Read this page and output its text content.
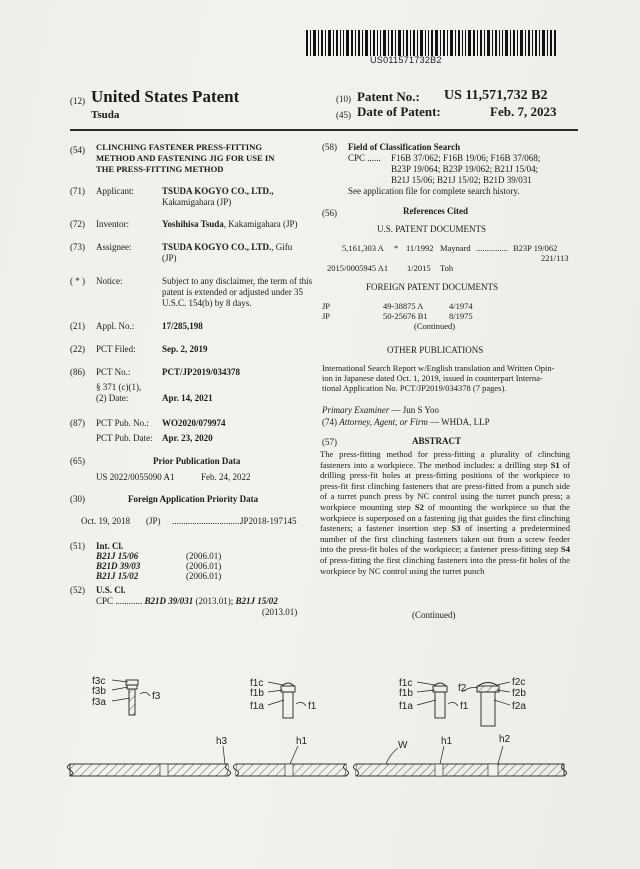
US011571732B2
(12) United States Patent
Tsuda
(10) Patent No.: US 11,571,732 B2
(45) Date of Patent:	Feb. 7, 2023
(54) CLINCHING FASTENER PRESS-FITTING
METHOD AND FASTENING JIG FOR USE IN
THE PRESS-FITTING METHOD
(71) Applicant:	TSUDA KOGYO CO., LTD.,
Kakamigahara (JP)
(72) Inventor:	Yoshihisa Tsuda, Kakamigahara (JP)
(73) Assignee:	TSUDA KOGYO CO., LTD., Gifu
(JP)
( * ) Notice:	Subject to any disclaimer, the term of this
patent is extended or adjusted under 35
U.S.C. 154(b) by 8 days.
(21) Appl. No.:	17/285,198
(22) PCT Filed:	Sep. 2, 2019
(86) PCT No.:	PCT/JP2019/034378
§ 371 (c)(1),
(2) Date:	Apr. 14, 2021
(87) PCT Pub. No.: WO2020/079974
PCT Pub. Date: Apr. 23, 2020
(65)	Prior Publication Data
US 2022/0055090 A1	Feb. 24, 2022
(30)	Foreign Application Priority Data
Oct. 19, 2018 (JP) ...............................
JP2018-197145
(51) Int. Cl.
B21J 15/06	(2006.01)
B21D 39/03	(2006.01)
B21J 15/02	(2006.01)
(52) U.S. Cl.
CPC ............ B21D 39/031 (2013.01); B21J 15/02
(2013.01)
(58) Field of Classification Search
CPC ...... F16B 37/062; F16B 19/06; F16B 37/068;
B23P 19/064; B23P 19/062; B21J 15/04;
B21J 15/06; B21J 15/02; B21D 39/031
See application file for complete search history.
(56)	References Cited
U.S. PATENT DOCUMENTS
5,161,303 A * 11/1992 Maynard ............... B23P 19/062
221/113
2015/0005945 A1 1/2015 Toh
FOREIGN PATENT DOCUMENTS
JP	49-38875 A	4/1974
JP	50-25676 B1	8/1975
(Continued)
OTHER PUBLICATIONS
International Search Report w/English translation and Written Opin-
ion in Japanese dated Oct. 1, 2019, issued in counterpart Interna-
tional Application No. PCT/JP2019/034378 (7 pages).
Primary Examiner — Jun S Yoo
(74) Attorney, Agent, or Firm — WHDA, LLP
(57)	ABSTRACT
The press-fitting method for press-fitting a plurality of clinching fasteners into a workpiece. The method includes: a drilling step S1 of drilling press-fit holes at press-fitting positions of the workpiece to press-fit first clinching fasteners that are press-fitted from a punch side of a turret punch press by NC control using the turret punch press; a workpiece mounting step S2 of mounting the workpiece so that the workpiece is superposed on a fastening jig that guides the first clinching fasteners; a fastener insertion step S3 of inserting a predetermined number of the first clinching fasteners taken out from a screw feeder into the press-fit holes of the workpiece; a fastener press-fitting step S4 of press-fitting the first clinching fasteners into the press-fit holes of the workpiece by NC control using the turret punch
(Continued)
f3c
f3b
f3a
f3
f1c
f1b
f1a	f1
f1c
f1b
f1a	f1
f2
f2c
f2b
f2a
h3	h1	W	h1	h2
